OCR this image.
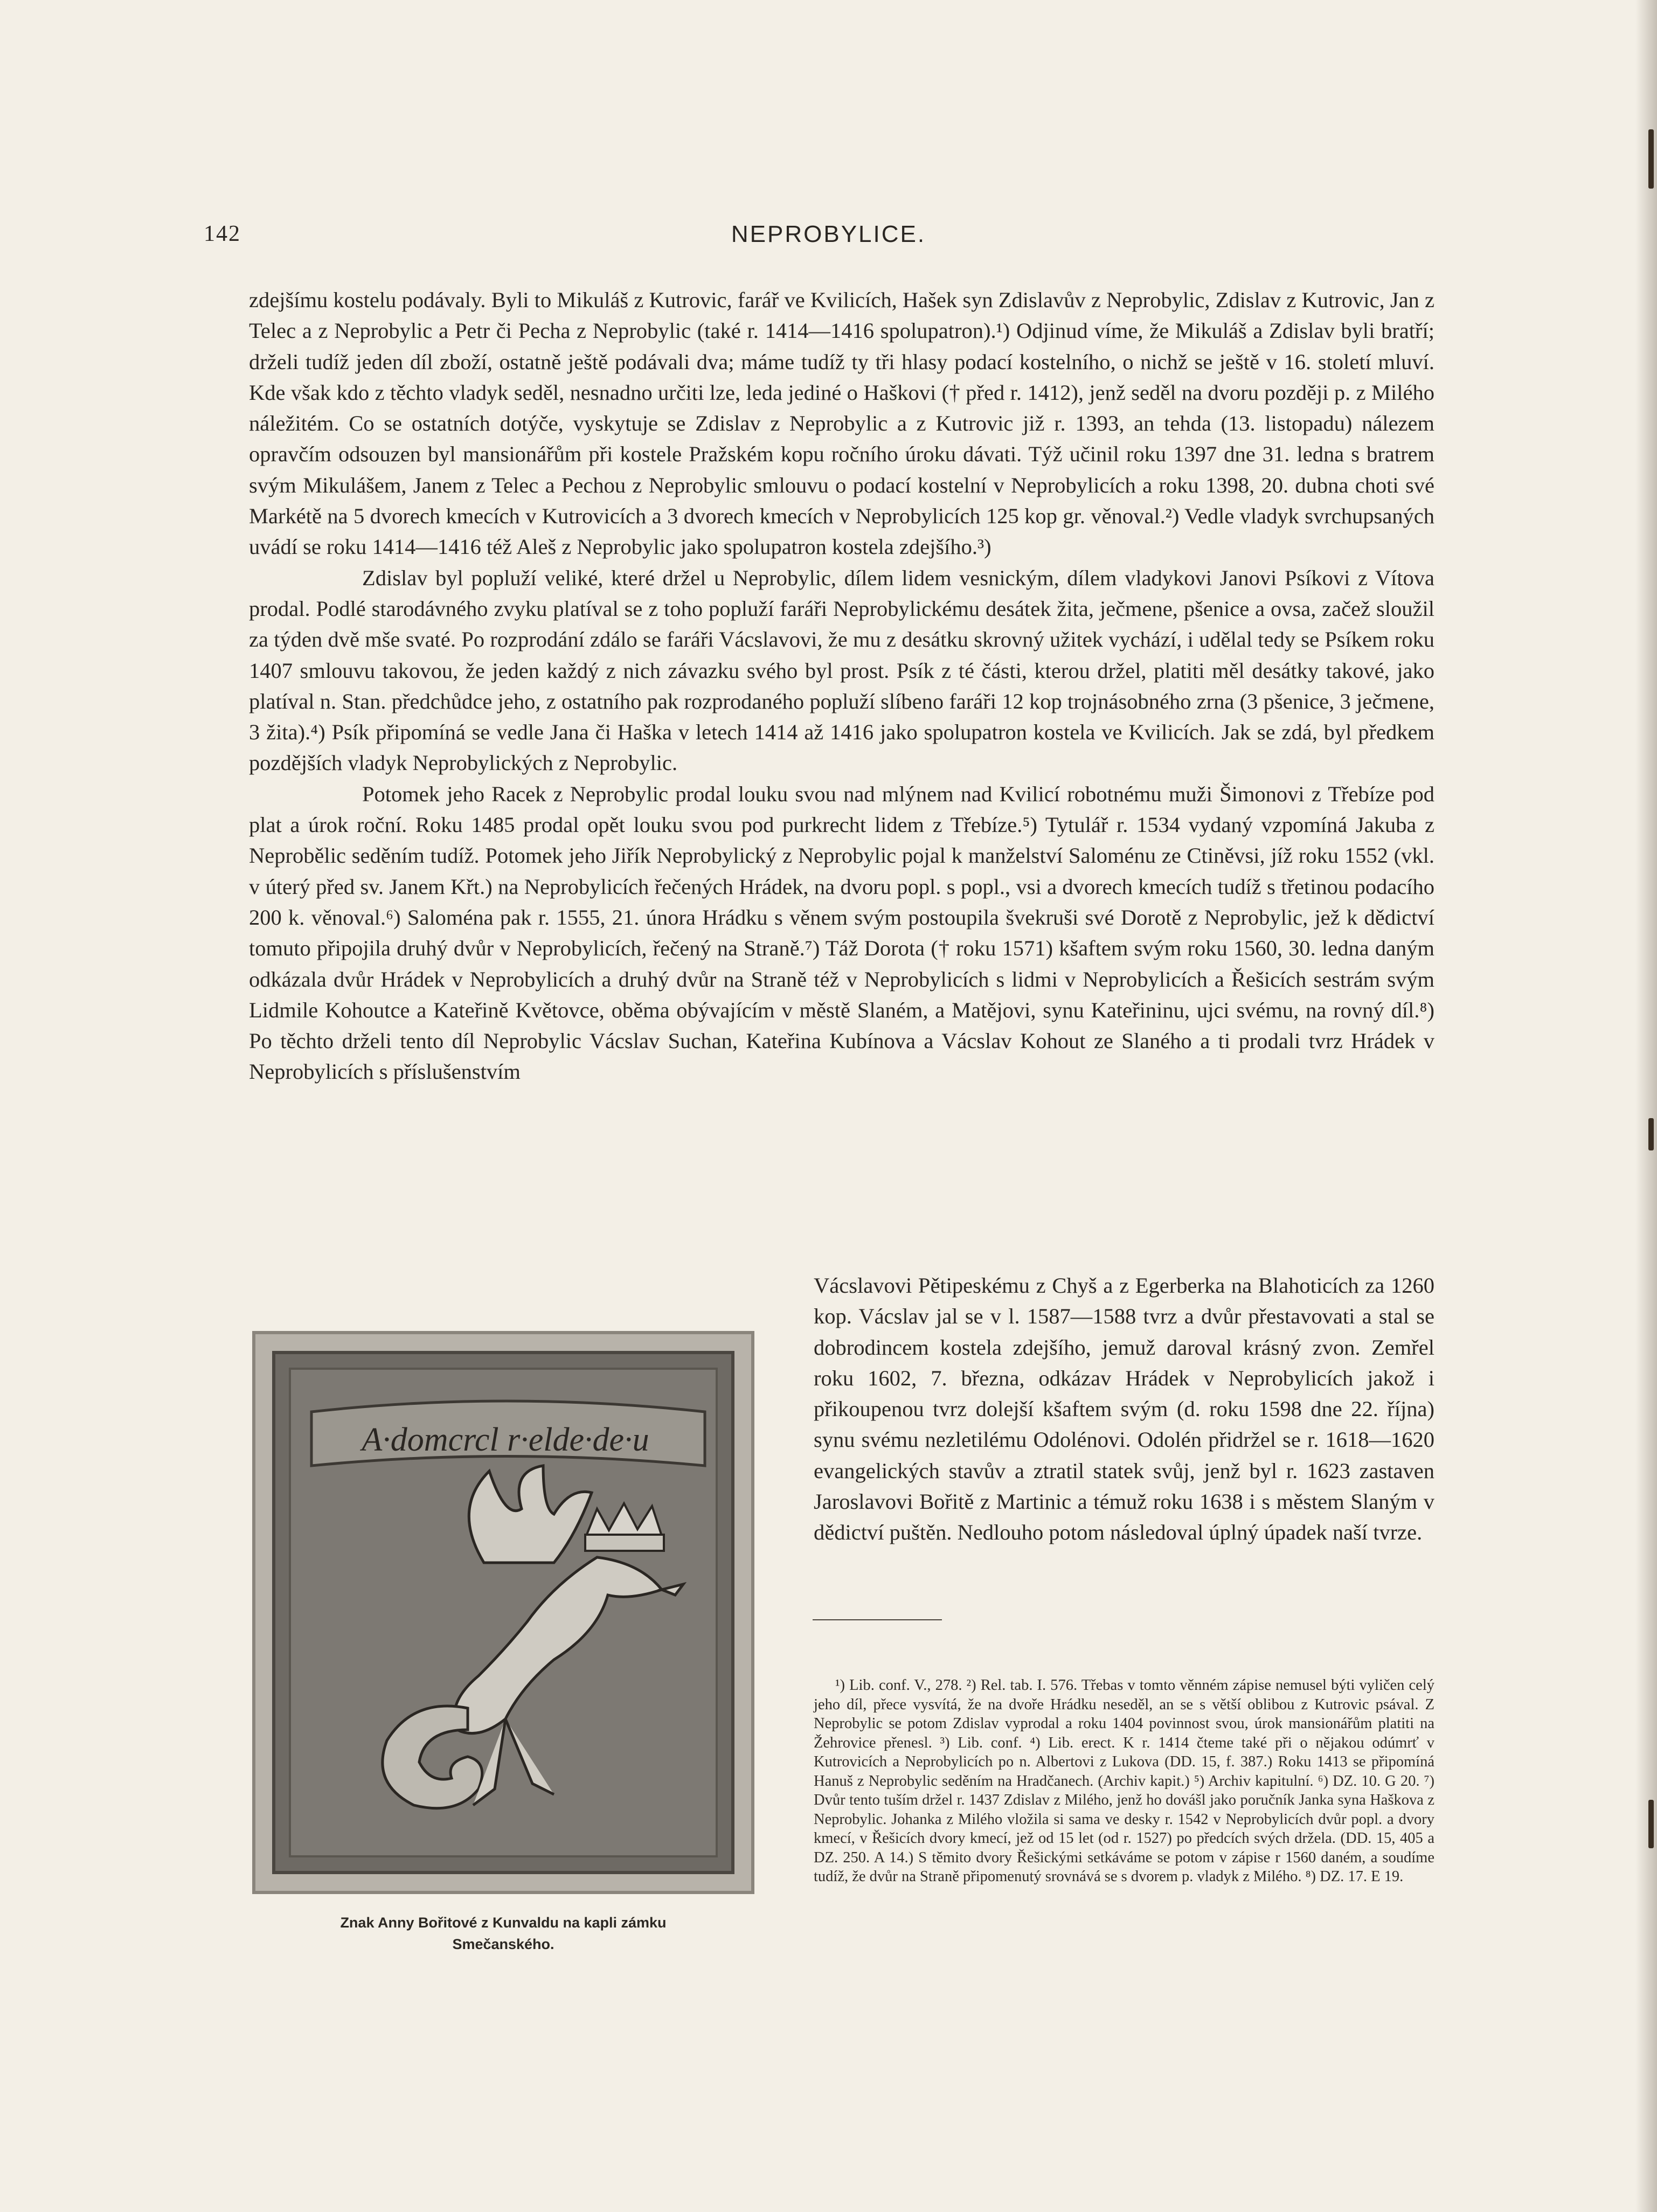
142	NEPROBYLICE.

zdejšímu kostelu podávaly. Byli to Mikuláš z Kutrovic, farář ve Kvilicích, Hašek syn Zdislavův z Neprobylic, Zdislav z Kutrovic, Jan z Telec a z Neprobylic a Petr či Pecha z Neprobylic (také r. 1414—1416 spolupatron).¹) Odjinud víme, že Mikuláš a Zdislav byli bratří; drželi tudíž jeden díl zboží, ostatně ještě podávali dva; máme tudíž ty tři hlasy podací kostelního, o nichž se ještě v 16. století mluví. Kde však kdo z těchto vladyk seděl, nesnadno určiti lze, leda jediné o Haškovi († před r. 1412), jenž seděl na dvoru později p. z Milého náležitém. Co se ostatních dotýče, vyskytuje se Zdislav z Neprobylic a z Kutrovic již r. 1393, an tehda (13. listopadu) nálezem opravčím odsouzen byl mansionářům při kostele Pražském kopu ročního úroku dávati. Týž učinil roku 1397 dne 31. ledna s bratrem svým Mikulášem, Janem z Telec a Pechou z Neprobylic smlouvu o podací kostelní v Neprobylicích a roku 1398, 20. dubna choti své Markétě na 5 dvorech kmecích v Kutrovicích a 3 dvorech kmecích v Neprobylicích 125 kop gr. věnoval.²) Vedle vladyk svrchupsaných uvádí se roku 1414—1416 též Aleš z Neprobylic jako spolupatron kostela zdejšího.³)

Zdislav byl popluží veliké, které držel u Neprobylic, dílem lidem vesnickým, dílem vladykovi Janovi Psíkovi z Vítova prodal. Podlé starodávného zvyku platíval se z toho popluží faráři Neprobylickému desátek žita, ječmene, pšenice a ovsa, začež sloužil za týden dvě mše svaté. Po rozprodání zdálo se faráři Vácslavovi, že mu z desátku skrovný užitek vychází, i udělal tedy se Psíkem roku 1407 smlouvu takovou, že jeden každý z nich závazku svého byl prost. Psík z té části, kterou držel, platiti měl desátky takové, jako platíval n. Stan. předchůdce jeho, z ostatního pak rozprodaného popluží slíbeno faráři 12 kop trojnásobného zrna (3 pšenice, 3 ječmene, 3 žita).⁴) Psík připomíná se vedle Jana či Haška v letech 1414 až 1416 jako spolupatron kostela ve Kvilicích. Jak se zdá, byl předkem pozdějších vladyk Neprobylických z Neprobylic.

Potomek jeho Racek z Neprobylic prodal louku svou nad mlýnem nad Kvilicí robotnému muži Šimonovi z Třebíze pod plat a úrok roční. Roku 1485 prodal opět louku svou pod purkrecht lidem z Třebíze.⁵) Tytulář r. 1534 vydaný vzpomíná Jakuba z Neprobělic seděním tudíž. Potomek jeho Jiřík Neprobylický z Neprobylic pojal k manželství Saloménu ze Ctiněvsi, jíž roku 1552 (vkl. v úterý před sv. Janem Křt.) na Neprobylicích řečených Hrádek, na dvoru popl. s popl., vsi a dvorech kmecích tudíž s třetinou podacího 200 k. věnoval.⁶) Saloména pak r. 1555, 21. února Hrádku s věnem svým postoupila švekruši své Dorotě z Neprobylic, jež k dědictví tomuto připojila druhý dvůr v Neprobylicích, řečený na Straně.⁷) Táž Dorota († roku 1571) kšaftem svým roku 1560, 30. ledna daným odkázala dvůr Hrádek v Neprobylicích a druhý dvůr na Straně též v Neprobylicích s lidmi v Neprobylicích a Řešicích sestrám svým Lidmile Kohoutce a Kateřině Květovce, oběma obývajícím v městě Slaném, a Matějovi, synu Kateřininu, ujci svému, na rovný díl.⁸) Po těchto drželi tento díl Neprobylic Vácslav Suchan, Kateřina Kubínova a Vácslav Kohout ze Slaného a ti prodali tvrz Hrádek v Neprobylicích s příslušenstvím

Vácslavovi Pětipeskému z Chyš a z Egerberka na Blahoticích za 1260 kop. Vácslav jal se v l. 1587—1588 tvrz a dvůr přestavovati a stal se dobrodincem kostela zdejšího, jemuž daroval krásný zvon. Zemřel roku 1602, 7. března, odkázav Hrádek v Neprobylicích jakož i přikoupenou tvrz dolejší kšaftem svým (d. roku 1598 dne 22. října) synu svému nezletilému Odolénovi. Odolén přidržel se r. 1618—1620 evangelických stavův a ztratil statek svůj, jenž byl r. 1623 zastaven Jaroslavovi Bořitě z Martinic a témuž roku 1638 i s městem Slaným v dědictví puštěn. Nedlouho potom následoval úplný úpadek naší tvrze.

A·domcrcl r·elde·de·u
Znak Anny Bořitové z Kunvaldu na kapli zámku
Smečanského.

¹) Lib. conf. V., 278. ²) Rel. tab. I. 576. Třebas v tomto věnném zápise nemusel býti vyličen celý jeho díl, přece vysvítá, že na dvoře Hrádku neseděl, an se s větší oblibou z Kutrovic psával. Z Neprobylic se potom Zdislav vyprodal a roku 1404 povinnost svou, úrok mansionářům platiti na Žehrovice přenesl. ³) Lib. conf. ⁴) Lib. erect. K r. 1414 čteme také při o nějakou odúmrť v Kutrovicích a Neprobylicích po n. Albertovi z Lukova (DD. 15, f. 387.) Roku 1413 se připomíná Hanuš z Neprobylic seděním na Hradčanech. (Archiv kapit.) ⁵) Archiv kapitulní. ⁶) DZ. 10. G 20. ⁷) Dvůr tento tuším držel r. 1437 Zdislav z Milého, jenž ho dovášl jako poručník Janka syna Haškova z Neprobylic. Johanka z Milého vložila si sama ve desky r. 1542 v Neprobylicích dvůr popl. a dvory kmecí, v Řešicích dvory kmecí, jež od 15 let (od r. 1527) po předcích svých držela. (DD. 15, 405 a DZ. 250. A 14.) S těmito dvory Řešickými setkáváme se potom v zápise r 1560 daném, a soudíme tudíž, že dvůr na Straně připomenutý srovnává se s dvorem p. vladyk z Milého. ⁸) DZ. 17. E 19.
